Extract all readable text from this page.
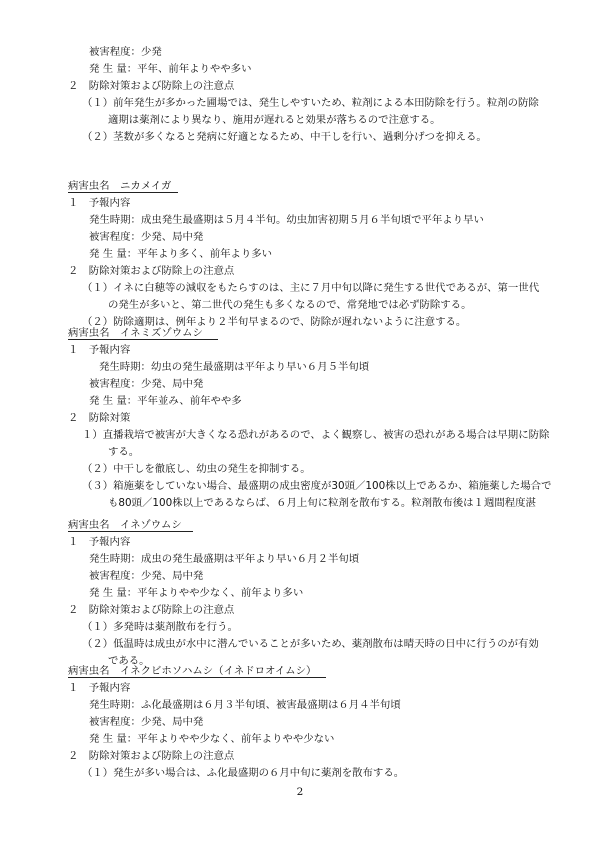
被害程度：少発
発 生 量：平年、前年よりやや多い
２　防除対策および防除上の注意点
（１）前年発生が多かった圃場では、発生しやすいため、粒剤による本田防除を行う。粒剤の防除
適期は薬剤により異なり、施用が遅れると効果が落ちるので注意する。
（２）茎数が多くなると発病に好適となるため、中干しを行い、過剰分げつを抑える。
病害虫名　ニカメイガ
１　予報内容
発生時期：成虫発生最盛期は５月４半旬。幼虫加害初期５月６半旬頃で平年より早い
被害程度：少発、局中発
発 生 量：平年より多く、前年より多い
２　防除対策および防除上の注意点
（１）イネに白穂等の減収をもたらすのは、主に７月中旬以降に発生する世代であるが、第一世代
の発生が多いと、第二世代の発生も多くなるので、常発地では必ず防除する。
（２）防除適期は、例年より２半旬早まるので、防除が遅れないように注意する。
病害虫名　イネミズゾウムシ
１　予報内容
発生時期：幼虫の発生最盛期は平年より早い６月５半旬頃
被害程度：少発、局中発
発 生 量：平年並み、前年やや多
２　防除対策
１）直播栽培で被害が大きくなる恐れがあるので、よく観察し、被害の恐れがある場合は早期に防除
する。
（２）中干しを徹底し、幼虫の発生を抑制する。
（３）箱施薬をしていない場合、最盛期の成虫密度が30頭／100株以上であるか、箱施薬した場合で
も80頭／100株以上であるならば、６月上旬に粒剤を散布する。粒剤散布後は１週間程度湛
病害虫名　イネゾウムシ
１　予報内容
発生時期：成虫の発生最盛期は平年より早い６月２半旬頃
被害程度：少発、局中発
発 生 量：平年よりやや少なく、前年より多い
２　防除対策および防除上の注意点
（１）多発時は薬剤散布を行う。
（２）低温時は成虫が水中に潜んでいることが多いため、薬剤散布は晴天時の日中に行うのが有効
である。
病害虫名　イネクビホソハムシ（イネドロオイムシ）
１　予報内容
発生時期：ふ化最盛期は６月３半旬頃、被害最盛期は６月４半旬頃
被害程度：少発、局中発
発 生 量：平年よりやや少なく、前年よりやや少ない
２　防除対策および防除上の注意点
（１）発生が多い場合は、ふ化最盛期の６月中旬に薬剤を散布する。
2
